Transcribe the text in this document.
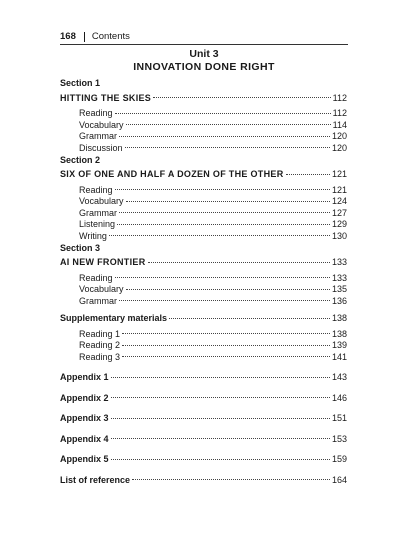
168 Contents
Unit 3
INNOVATION DONE RIGHT
Section 1
HITTING THE SKIES	112
Reading	112
Vocabulary	114
Grammar	120
Discussion	120
Section 2
SIX OF ONE AND HALF A DOZEN OF THE OTHER	121
Reading	121
Vocabulary	124
Grammar	127
Listening	129
Writing	130
Section 3
AI NEW FRONTIER	133
Reading	133
Vocabulary	135
Grammar	136
Supplementary materials	138
Reading 1	138
Reading 2	139
Reading 3	141
Appendix 1	143
Appendix 2	146
Appendix 3	151
Appendix 4	153
Appendix 5	159
List of reference	164
